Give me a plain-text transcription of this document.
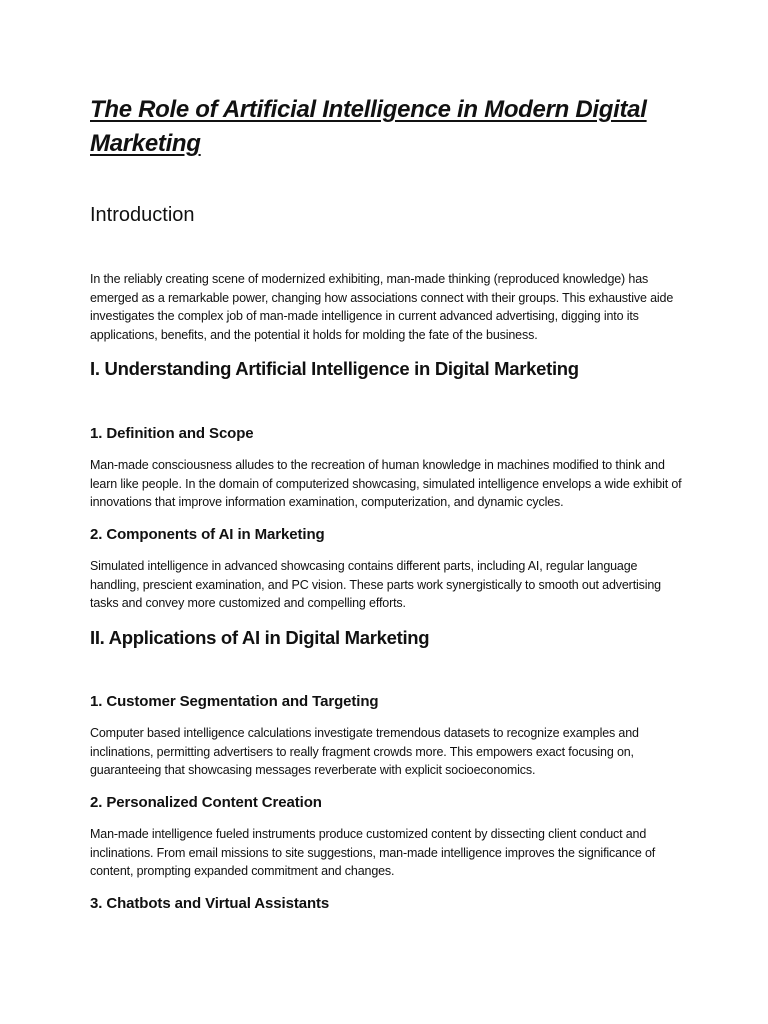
The Role of Artificial Intelligence in Modern Digital Marketing
Introduction

In the reliably creating scene of modernized exhibiting, man-made thinking (reproduced knowledge) has emerged as a remarkable power, changing how associations connect with their groups. This exhaustive aide investigates the complex job of man-made intelligence in current advanced advertising, digging into its applications, benefits, and the potential it holds for molding the fate of the business.

I. Understanding Artificial Intelligence in Digital Marketing
1. Definition and Scope

Man-made consciousness alludes to the recreation of human knowledge in machines modified to think and learn like people. In the domain of computerized showcasing, simulated intelligence envelops a wide exhibit of innovations that improve information examination, computerization, and dynamic cycles.

2. Components of AI in Marketing

Simulated intelligence in advanced showcasing contains different parts, including AI, regular language handling, prescient examination, and PC vision. These parts work synergistically to smooth out advertising tasks and convey more customized and compelling efforts.

II. Applications of AI in Digital Marketing
1. Customer Segmentation and Targeting

Computer based intelligence calculations investigate tremendous datasets to recognize examples and inclinations, permitting advertisers to really fragment crowds more. This empowers exact focusing on, guaranteeing that showcasing messages reverberate with explicit socioeconomics.

2. Personalized Content Creation

Man-made intelligence fueled instruments produce customized content by dissecting client conduct and inclinations. From email missions to site suggestions, man-made intelligence improves the significance of content, prompting expanded commitment and changes.

3. Chatbots and Virtual Assistants
